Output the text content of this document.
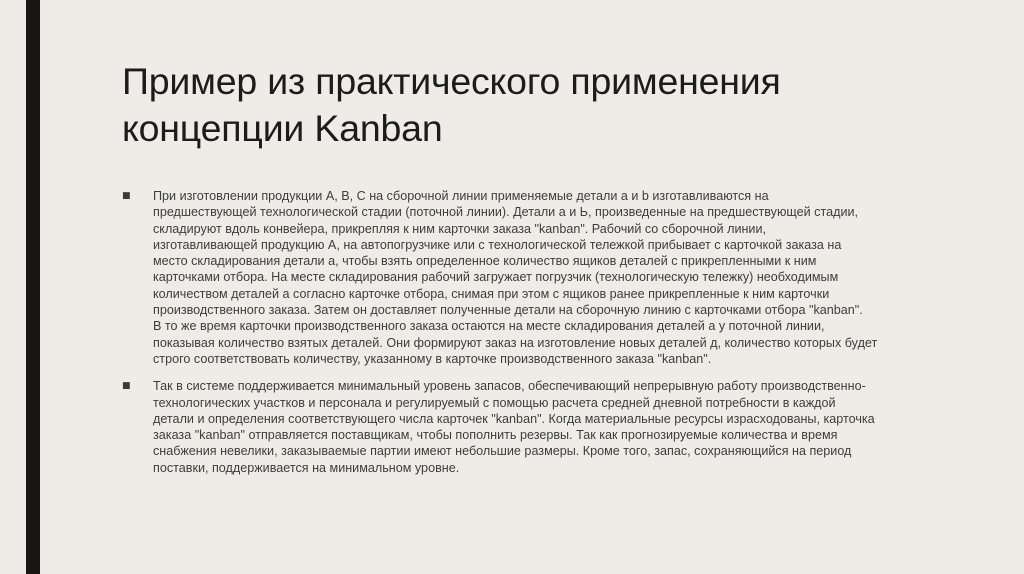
Пример из практического применения
концепции Kanban
■ При изготовлении продукции А, В, С на сборочной линии применяемые детали а и b изготавливаются на
предшествующей технологической стадии (поточной линии). Детали а и Ь, произведенные на предшествующей стадии,
складируют вдоль конвейера, прикрепляя к ним карточки заказа "kanban". Рабочий со сборочной линии,
изготавливающей продукцию А, на автопогрузчике или с технологической тележкой прибывает с карточкой заказа на
место складирования детали а, чтобы взять определенное количество ящиков деталей с прикрепленными к ним
карточками отбора. На месте складирования рабочий загружает погрузчик (технологическую тележку) необходимым
количеством деталей а согласно карточке отбора, снимая при этом с ящиков ранее прикрепленные к ним карточки
производственного заказа. Затем он доставляет полученные детали на сборочную линию с карточками отбора "kanban".
В то же время карточки производственного заказа остаются на месте складирования деталей а у поточной линии,
показывая количество взятых деталей. Они формируют заказ на изготовление новых деталей д, количество которых будет
строго соответствовать количеству, указанному в карточке производственного заказа "kanban".
■ Так в системе поддерживается минимальный уровень запасов, обеспечивающий непрерывную работу производственно-
технологических участков и персонала и регулируемый с помощью расчета средней дневной потребности в каждой
детали и определения соответствующего числа карточек "kanban". Когда материальные ресурсы израсходованы, карточка
заказа "kanban" отправляется поставщикам, чтобы пополнить резервы. Так как прогнозируемые количества и время
снабжения невелики, заказываемые партии имеют небольшие размеры. Кроме того, запас, сохраняющийся на период
поставки, поддерживается на минимальном уровне.
